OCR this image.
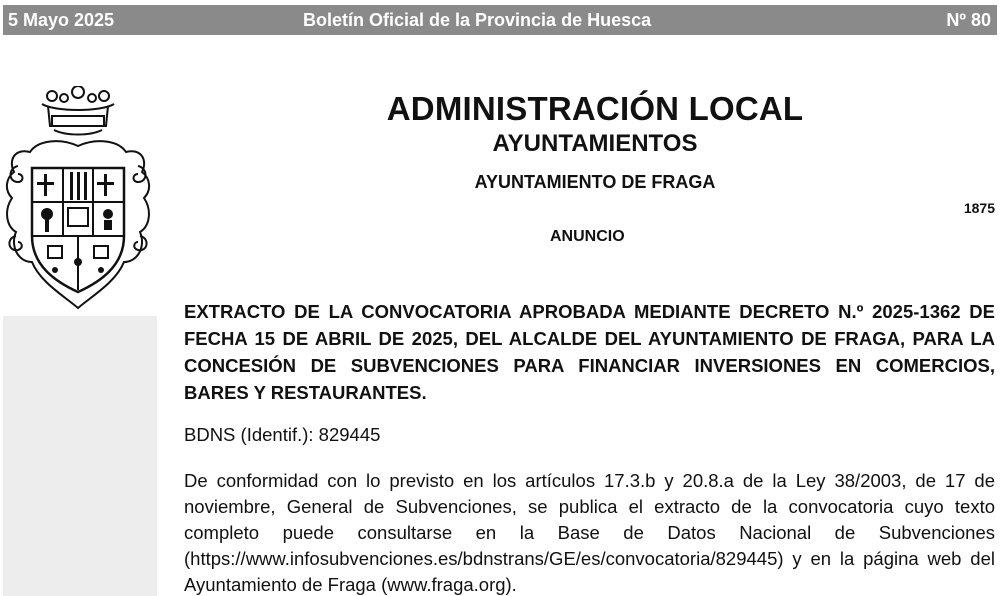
5 Mayo 2025	Boletín Oficial de la Provincia de Huesca	Nº 80
ADMINISTRACIÓN LOCAL
AYUNTAMIENTOS
AYUNTAMIENTO DE FRAGA
1875
ANUNCIO

EXTRACTO DE LA CONVOCATORIA APROBADA MEDIANTE DECRETO N.º 2025-1362 DE FECHA 15 DE ABRIL DE 2025, DEL ALCALDE DEL AYUNTAMIENTO DE FRAGA, PARA LA CONCESIÓN DE SUBVENCIONES PARA FINANCIAR INVERSIONES EN COMERCIOS, BARES Y RESTAURANTES.

BDNS (Identif.): 829445

De conformidad con lo previsto en los artículos 17.3.b y 20.8.a de la Ley 38/2003, de 17 de noviembre, General de Subvenciones, se publica el extracto de la convocatoria cuyo texto completo puede consultarse en la Base de Datos Nacional de Subvenciones (https://www.infosubvenciones.es/bdnstrans/GE/es/convocatoria/829445) y en la página web del Ayuntamiento de Fraga (www.fraga.org).
